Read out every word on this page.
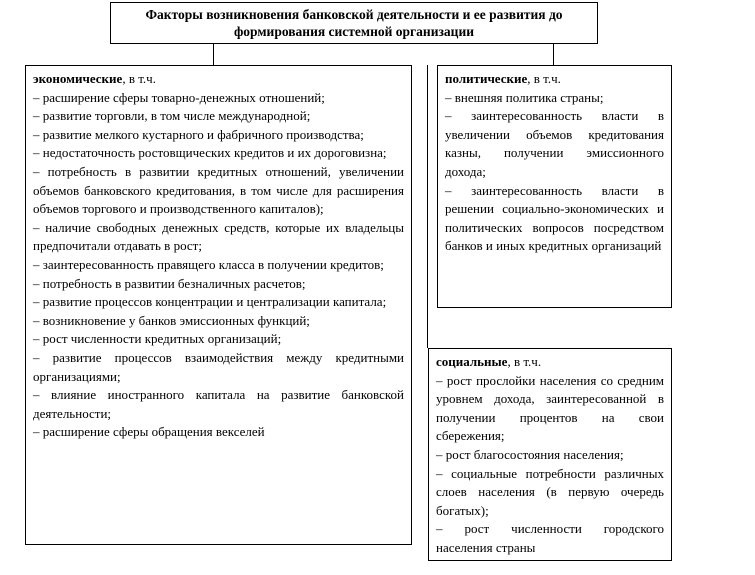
Факторы возникновения банковской деятельности и ее развития до
формирования системной организации

экономические, в т.ч.

– расширение сферы товарно-денежных отношений;

– развитие торговли, в том числе международной;

– развитие мелкого кустарного и фабричного производства;

– недостаточность ростовщических кредитов и их дороговизна;

– потребность в развитии кредитных отношений, увеличении объемов банковского кредитования, в том числе для расширения объемов торгового и производственного капиталов);

– наличие свободных денежных средств, которые их владельцы предпочитали отдавать в рост;

– заинтересованность правящего класса в получении кредитов;

– потребность в развитии безналичных расчетов;

– развитие процессов концентрации и централизации капитала;

– возникновение у банков эмиссионных функций;

– рост численности кредитных организаций;

– развитие процессов взаимодействия между кредитными организациями;

– влияние иностранного капитала на развитие банковской деятельности;

– расширение сферы обращения векселей

политические, в т.ч.

– внешняя политика страны;

– заинтересованность власти в увеличении объемов кредитования казны, получении эмиссионного дохода;

– заинтересованность власти в решении социально-экономических и политических вопросов посредством банков и иных кредитных организаций

социальные, в т.ч.

– рост прослойки населения со средним уровнем дохода, заинтересованной в получении процентов на свои сбережения;

– рост благосостояния населения;

– социальные потребности различных слоев населения (в первую очередь богатых);

– рост численности городского населения страны
